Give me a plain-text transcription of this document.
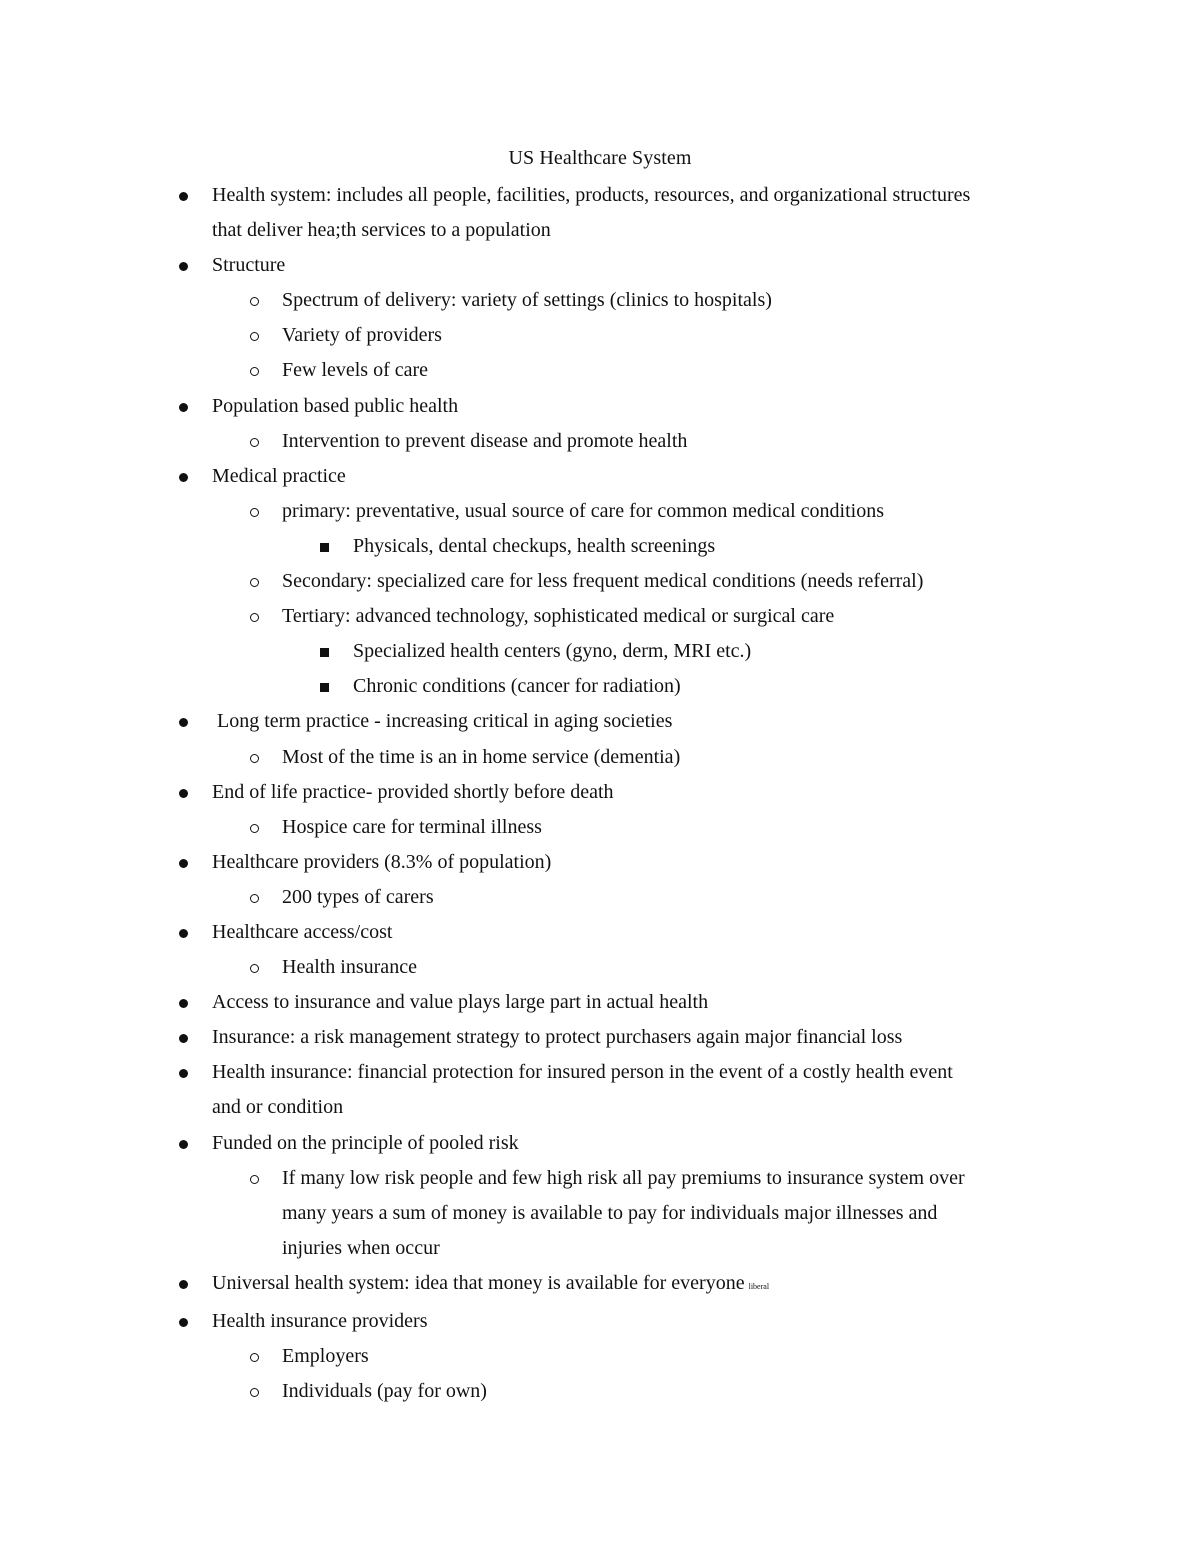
US Healthcare System
Health system: includes all people, facilities, products, resources, and organizational structures
that deliver hea;th services to a population
Structure
Spectrum of delivery: variety of settings (clinics to hospitals)
Variety of providers
Few levels of care
Population based public health
Intervention to prevent disease and promote health
Medical practice
primary: preventative, usual source of care for common medical conditions
Physicals, dental checkups, health screenings
Secondary: specialized care for less frequent medical conditions (needs referral)
Tertiary: advanced technology, sophisticated medical or surgical care
Specialized health centers (gyno, derm, MRI etc.)
Chronic conditions (cancer for radiation)
Long term practice - increasing critical in aging societies
Most of the time is an in home service (dementia)
End of life practice- provided shortly before death
Hospice care for terminal illness
Healthcare providers (8.3% of population)
200 types of carers
Healthcare access/cost
Health insurance
Access to insurance and value plays large part in actual health
Insurance: a risk management strategy to protect purchasers again major financial loss
Health insurance: financial protection for insured person in the event of a costly health event
and or condition
Funded on the principle of pooled risk
If many low risk people and few high risk all pay premiums to insurance system over
many years a sum of money is available to pay for individuals major illnesses and
injuries when occur
Universal health system: idea that money is available for everyone liberal
Health insurance providers
Employers
Individuals (pay for own)
